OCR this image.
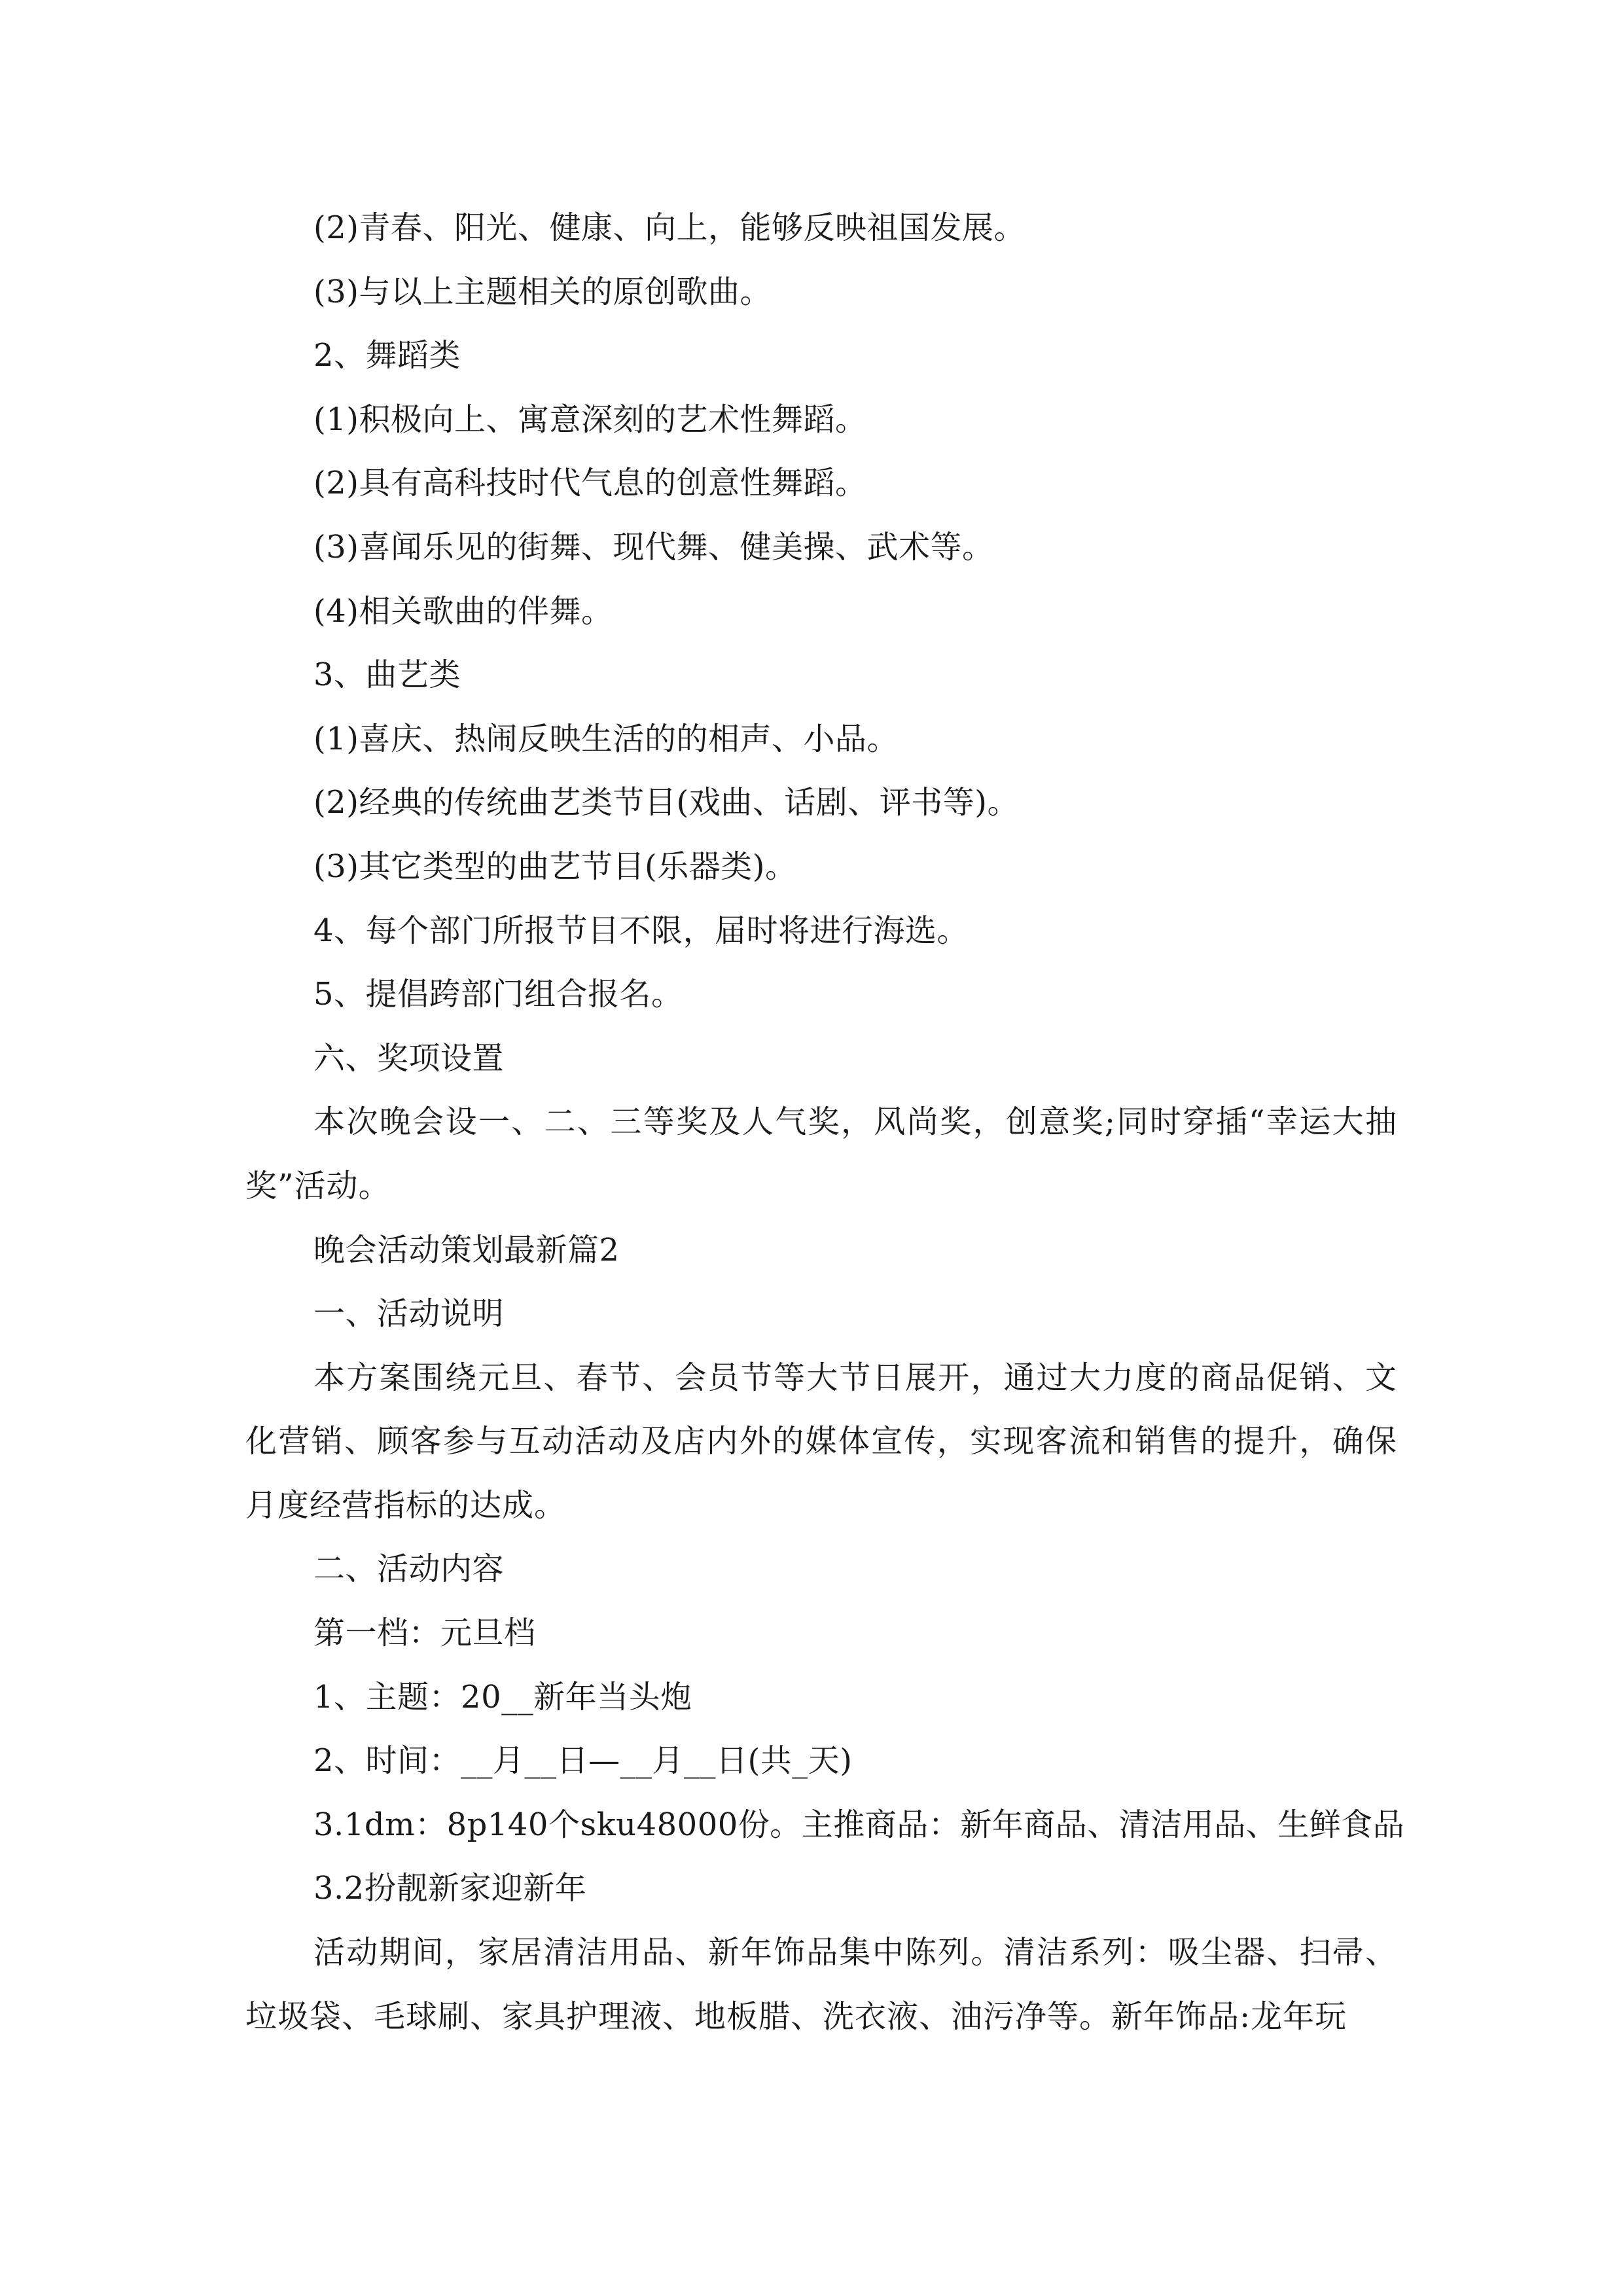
(2)青春、阳光、健康、向上，能够反映祖国发展。

(3)与以上主题相关的原创歌曲。

2、舞蹈类

(1)积极向上、寓意深刻的艺术性舞蹈。

(2)具有高科技时代气息的创意性舞蹈。

(3)喜闻乐见的街舞、现代舞、健美操、武术等。

(4)相关歌曲的伴舞。

3、曲艺类

(1)喜庆、热闹反映生活的的相声、小品。

(2)经典的传统曲艺类节目(戏曲、话剧、评书等)。

(3)其它类型的曲艺节目(乐器类)。

4、每个部门所报节目不限，届时将进行海选。

5、提倡跨部门组合报名。

六、奖项设置

本次晚会设一、二、三等奖及人气奖，风尚奖，创意奖;同时穿插“幸运大抽奖”活动。

晚会活动策划最新篇2

一、活动说明

本方案围绕元旦、春节、会员节等大节日展开，通过大力度的商品促销、文化营销、顾客参与互动活动及店内外的媒体宣传，实现客流和销售的提升，确保月度经营指标的达成。

二、活动内容

第一档：元旦档

1、主题：20__新年当头炮

2、时间：__月__日—__月__日(共_天)

3.1dm：8p140个sku48000份。主推商品：新年商品、清洁用品、生鲜食品

3.2扮靓新家迎新年

活动期间，家居清洁用品、新年饰品集中陈列。清洁系列：吸尘器、扫帚、垃圾袋、毛球刷、家具护理液、地板腊、洗衣液、油污净等。新年饰品:龙年玩
